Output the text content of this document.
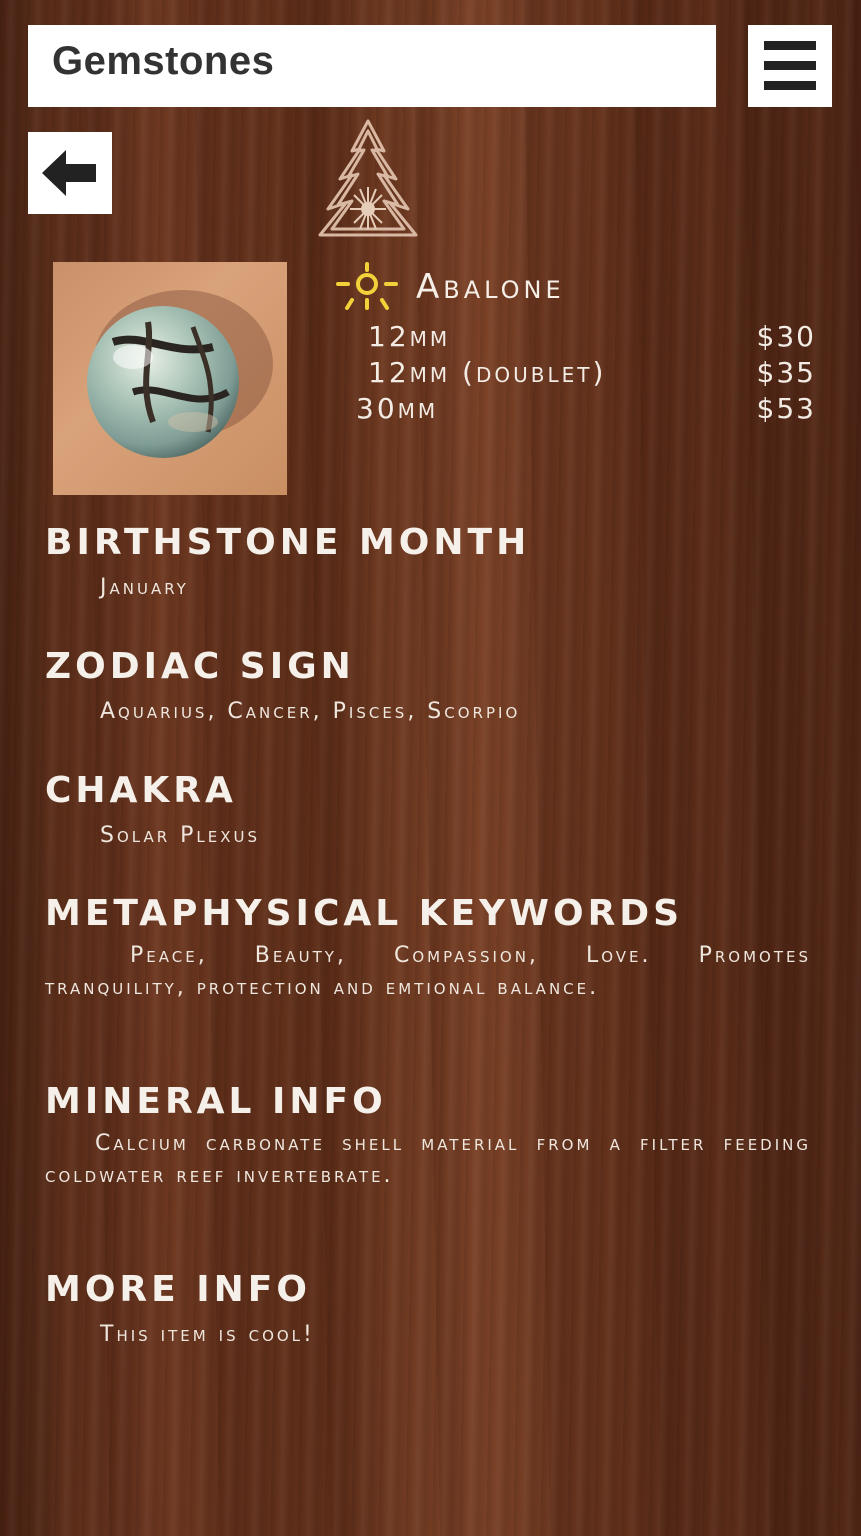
Gemstones
Abalone
12mm	$30
12mm (doublet)	$35
30mm	$53
BIRTHSTONE MONTH
January
ZODIAC SIGN
Aquarius, Cancer, Pisces, Scorpio
CHAKRA
Solar Plexus
METAPHYSICAL KEYWORDS
Peace, Beauty, Compassion, Love. Promotes tranquility, protection and emtional balance.
MINERAL INFO
Calcium carbonate shell material from a filter feeding coldwater reef invertebrate.
MORE INFO
This item is cool!
